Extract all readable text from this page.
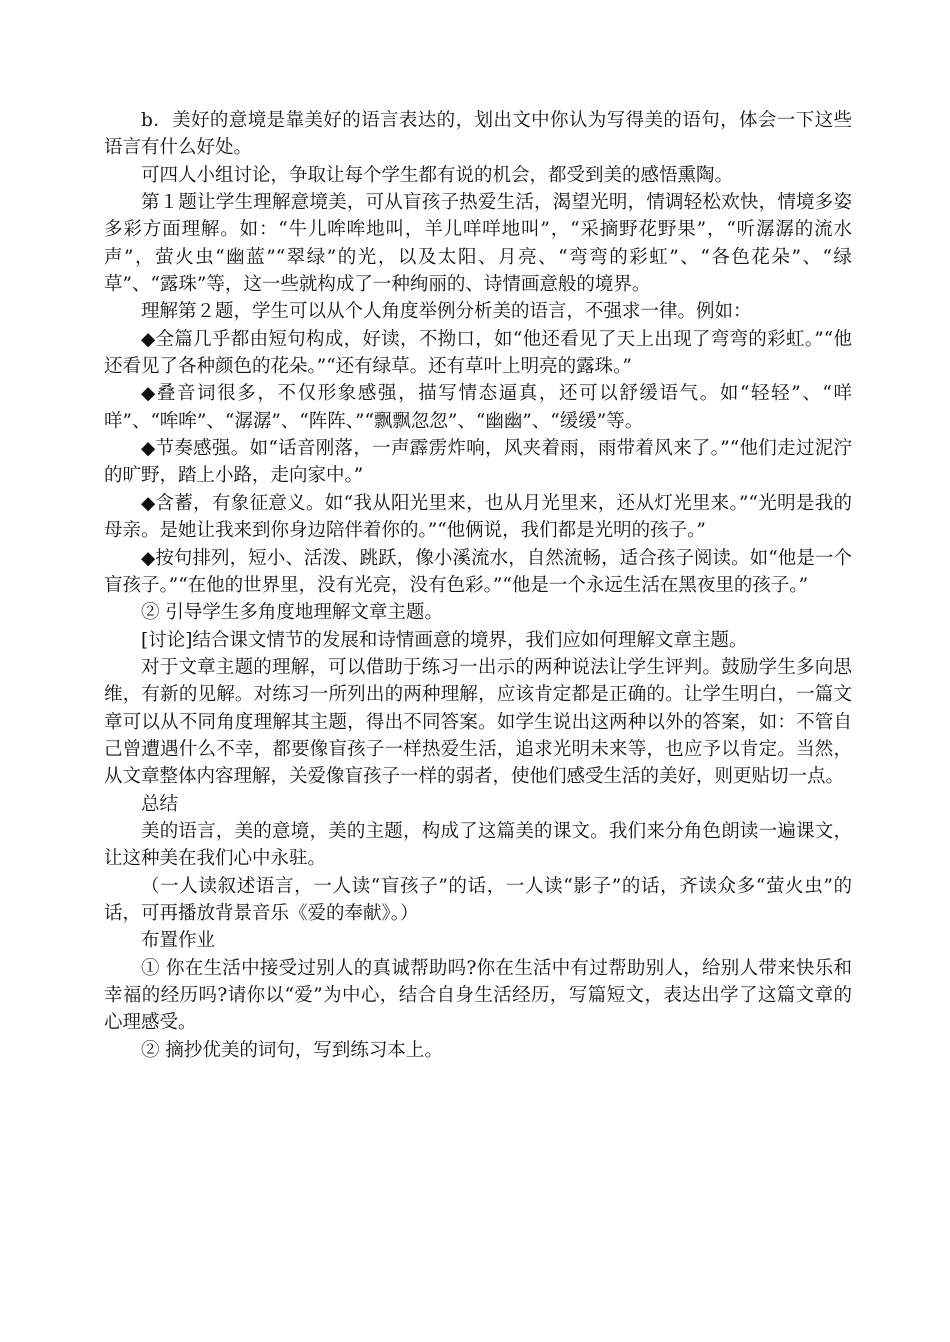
b．美好的意境是靠美好的语言表达的，划出文中你认为写得美的语句，体会一下这些语言有什么好处。

可四人小组讨论，争取让每个学生都有说的机会，都受到美的感悟熏陶。

第１题让学生理解意境美，可从盲孩子热爱生活，渴望光明，情调轻松欢快，情境多姿多彩方面理解。如：“牛儿哞哞地叫，羊儿咩咩地叫”，“采摘野花野果”，“听潺潺的流水声”，萤火虫“幽蓝”“翠绿”的光，以及太阳、月亮、“弯弯的彩虹”、“各色花朵”、“绿草”、“露珠”等，这一些就构成了一种绚丽的、诗情画意般的境界。

理解第２题，学生可以从个人角度举例分析美的语言，不强求一律。例如：

◆全篇几乎都由短句构成，好读，不拗口，如“他还看见了天上出现了弯弯的彩虹。”“他还看见了各种颜色的花朵。”“还有绿草。还有草叶上明亮的露珠。”

◆叠音词很多，不仅形象感强，描写情态逼真，还可以舒缓语气。如“轻轻”、“咩咩”、“哞哞”、“潺潺”、“阵阵、”“飘飘忽忽”、“幽幽”、“缓缓”等。

◆节奏感强。如“话音刚落，一声霹雳炸响，风夹着雨，雨带着风来了。”“他们走过泥泞的旷野，踏上小路，走向家中。”

◆含蓄，有象征意义。如“我从阳光里来，也从月光里来，还从灯光里来。”“光明是我的母亲。是她让我来到你身边陪伴着你的。”“他俩说，我们都是光明的孩子。”

◆按句排列，短小、活泼、跳跃，像小溪流水，自然流畅，适合孩子阅读。如“他是一个盲孩子。”“在他的世界里，没有光亮，没有色彩。”“他是一个永远生活在黑夜里的孩子。”

② 引导学生多角度地理解文章主题。

[讨论]结合课文情节的发展和诗情画意的境界，我们应如何理解文章主题。

对于文章主题的理解，可以借助于练习一出示的两种说法让学生评判。鼓励学生多向思维，有新的见解。对练习一所列出的两种理解，应该肯定都是正确的。让学生明白，一篇文章可以从不同角度理解其主题，得出不同答案。如学生说出这两种以外的答案，如：不管自己曾遭遇什么不幸，都要像盲孩子一样热爱生活，追求光明未来等，也应予以肯定。当然，从文章整体内容理解，关爱像盲孩子一样的弱者，使他们感受生活的美好，则更贴切一点。

总结

美的语言，美的意境，美的主题，构成了这篇美的课文。我们来分角色朗读一遍课文，让这种美在我们心中永驻。

（一人读叙述语言，一人读“盲孩子”的话，一人读“影子”的话，齐读众多“萤火虫”的话，可再播放背景音乐《爱的奉献》。）

布置作业

① 你在生活中接受过别人的真诚帮助吗?你在生活中有过帮助别人，给别人带来快乐和幸福的经历吗?请你以“爱”为中心，结合自身生活经历，写篇短文，表达出学了这篇文章的心理感受。

② 摘抄优美的词句，写到练习本上。
